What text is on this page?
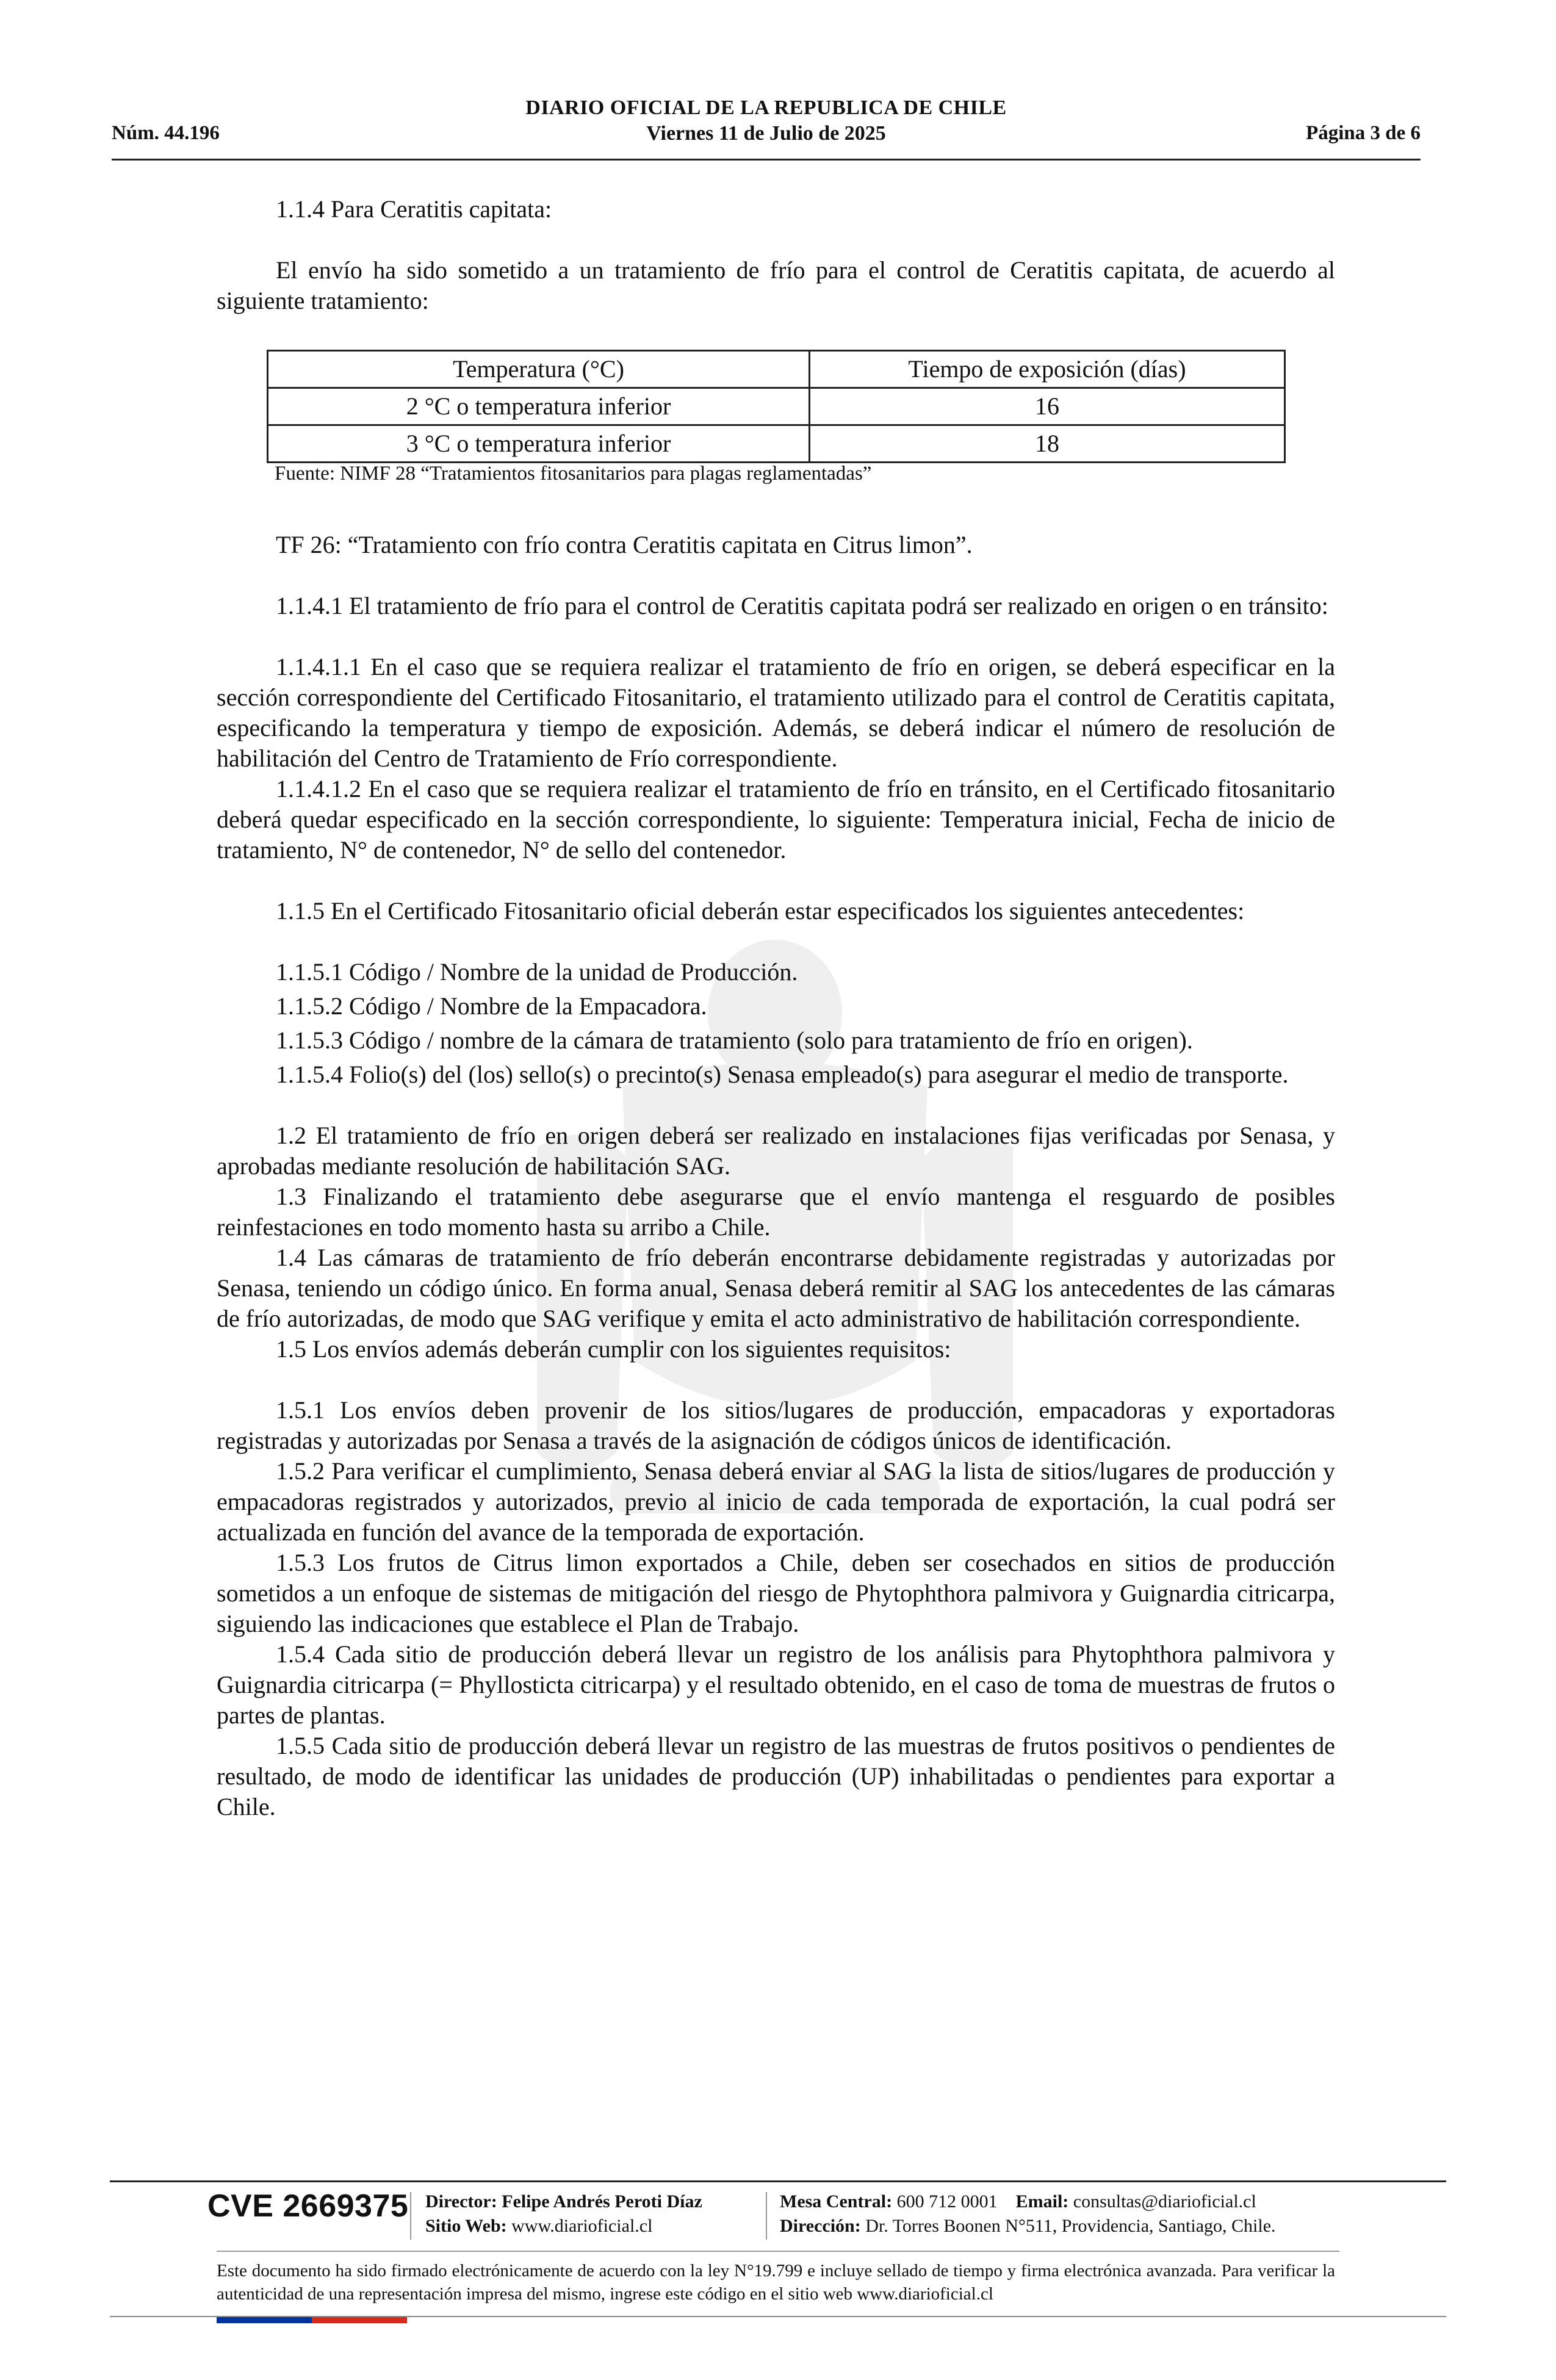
DIARIO OFICIAL DE LA REPUBLICA DE CHILE
Núm. 44.196	Viernes 11 de Julio de 2025	Página 3 de 6

1.1.4 Para Ceratitis capitata:

El envío ha sido sometido a un tratamiento de frío para el control de Ceratitis capitata, de acuerdo al siguiente tratamiento:

Temperatura (°C)	Tiempo de exposición (días)
2 °C o temperatura inferior	16
3 °C o temperatura inferior	18
Fuente: NIMF 28 “Tratamientos fitosanitarios para plagas reglamentadas”

TF 26: “Tratamiento con frío contra Ceratitis capitata en Citrus limon”.

1.1.4.1 El tratamiento de frío para el control de Ceratitis capitata podrá ser realizado en origen o en tránsito:

1.1.4.1.1 En el caso que se requiera realizar el tratamiento de frío en origen, se deberá especificar en la sección correspondiente del Certificado Fitosanitario, el tratamiento utilizado para el control de Ceratitis capitata, especificando la temperatura y tiempo de exposición. Además, se deberá indicar el número de resolución de habilitación del Centro de Tratamiento de Frío correspondiente.

1.1.4.1.2 En el caso que se requiera realizar el tratamiento de frío en tránsito, en el Certificado fitosanitario deberá quedar especificado en la sección correspondiente, lo siguiente: Temperatura inicial, Fecha de inicio de tratamiento, N° de contenedor, N° de sello del contenedor.

1.1.5 En el Certificado Fitosanitario oficial deberán estar especificados los siguientes antecedentes:

1.1.5.1 Código / Nombre de la unidad de Producción.

1.1.5.2 Código / Nombre de la Empacadora.

1.1.5.3 Código / nombre de la cámara de tratamiento (solo para tratamiento de frío en origen).

1.1.5.4 Folio(s) del (los) sello(s) o precinto(s) Senasa empleado(s) para asegurar el medio de transporte.

1.2 El tratamiento de frío en origen deberá ser realizado en instalaciones fijas verificadas por Senasa, y aprobadas mediante resolución de habilitación SAG.

1.3 Finalizando el tratamiento debe asegurarse que el envío mantenga el resguardo de posibles reinfestaciones en todo momento hasta su arribo a Chile.

1.4 Las cámaras de tratamiento de frío deberán encontrarse debidamente registradas y autorizadas por Senasa, teniendo un código único. En forma anual, Senasa deberá remitir al SAG los antecedentes de las cámaras de frío autorizadas, de modo que SAG verifique y emita el acto administrativo de habilitación correspondiente.

1.5 Los envíos además deberán cumplir con los siguientes requisitos:

1.5.1 Los envíos deben provenir de los sitios/lugares de producción, empacadoras y exportadoras registradas y autorizadas por Senasa a través de la asignación de códigos únicos de identificación.

1.5.2 Para verificar el cumplimiento, Senasa deberá enviar al SAG la lista de sitios/lugares de producción y empacadoras registrados y autorizados, previo al inicio de cada temporada de exportación, la cual podrá ser actualizada en función del avance de la temporada de exportación.

1.5.3 Los frutos de Citrus limon exportados a Chile, deben ser cosechados en sitios de producción sometidos a un enfoque de sistemas de mitigación del riesgo de Phytophthora palmivora y Guignardia citricarpa, siguiendo las indicaciones que establece el Plan de Trabajo.

1.5.4 Cada sitio de producción deberá llevar un registro de los análisis para Phytophthora palmivora y Guignardia citricarpa (= Phyllosticta citricarpa) y el resultado obtenido, en el caso de toma de muestras de frutos o partes de plantas.

1.5.5 Cada sitio de producción deberá llevar un registro de las muestras de frutos positivos o pendientes de resultado, de modo de identificar las unidades de producción (UP) inhabilitadas o pendientes para exportar a Chile.

CVE 2669375 Director: Felipe Andrés Peroti Díaz
Sitio Web: www.diarioficial.cl
Mesa Central: 600 712 0001 Email: consultas@diarioficial.cl
Dirección: Dr. Torres Boonen N°511, Providencia, Santiago, Chile.
Este documento ha sido firmado electrónicamente de acuerdo con la ley N°19.799 e incluye sellado de tiempo y firma electrónica avanzada. Para verificar la autenticidad de una representación impresa del mismo, ingrese este código en el sitio web www.diarioficial.cl
